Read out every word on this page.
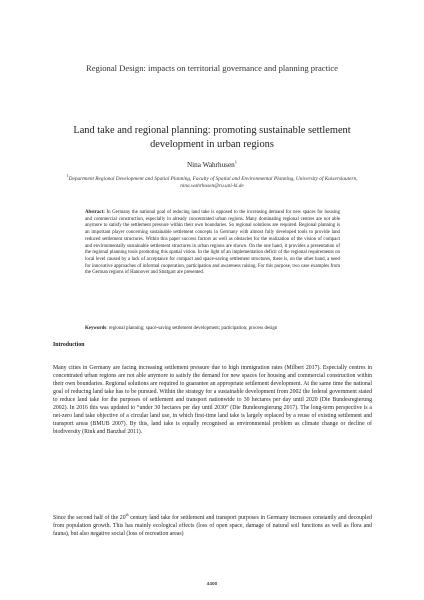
Regional Design: impacts on territorial governance and planning practice
Land take and regional planning: promoting sustainable settlement development in urban regions
Nina Wahrhusen$^1$
$^1$Department Regional Development and Spatial Planning, Faculty of Spatial and Environmental Planning, University of Kaiserslautern, nina.wahrhusen@ru.uni-kl.de
Abstract: In Germany the national goal of reducing land take is opposed to the increasing demand for new spaces for housing and commercial construction, especially in already concentrated urban regions. Many dominating regional centres are not able anymore to satisfy the settlement pressure within their own boundaries. So regional solutions are required. Regional planning is an important player concerning sustainable settlement concepts in Germany with almost fully developed tools to provide land reduced settlement structures. Within this paper success factors as well as obstacles for the realization of the vision of compact and environmentally sustainable settlement structures in urban regions are shown. On the one hand, it provides a presentation of the regional planning tools promoting this spatial vision. In the light of an implementation deficit of the regional requirements on local level caused by a lack of acceptance for compact and space-saving settlement structures, there is, on the other hand, a need for innovative approaches of informal cooperation, participation and awareness raising. For this purpose, two case examples from the German regions of Hannover and Stuttgart are presented.
Keywords: regional planning; space-saving settlement development; participation; process design
Introduction
Many cities in Germany are facing increasing settlement pressure due to high immigration rates (Milbert 2017). Especially centres in concentrated urban regions are not able anymore to satisfy the demand for new spaces for housing and commercial construction within their own boundaries. Regional solutions are required to guarantee an appropriate settlement development. At the same time the national goal of reducing land take has to be pursued. Within the strategy for a sustainable development from 2002 the federal government stated to reduce land take for the purposes of settlement and transport nationwide to 30 hectares per day until 2020 (Die Bundesregierung 2002). In 2016 this was updated to “under 30 hectares per day until 2030” (Die Bundesregierung 2017). The long-term perspective is a net-zero land take objective of a circular land use, in which first-time land take is largely replaced by a reuse of existing settlement and transport areas (BMUB 2007). By this, land take is equally recognised as environmental problem as climate change or decline of biodiversity (Rink and Banzhaf 2011).
Since the second half of the 20th century land take for settlement and transport purposes in Germany increases constantly and decoupled from population growth. This has mainly ecological effects (loss of open space, damage of natural soil functions as well as flora and fauna), but also negative social (loss of recreation areas)
4400
